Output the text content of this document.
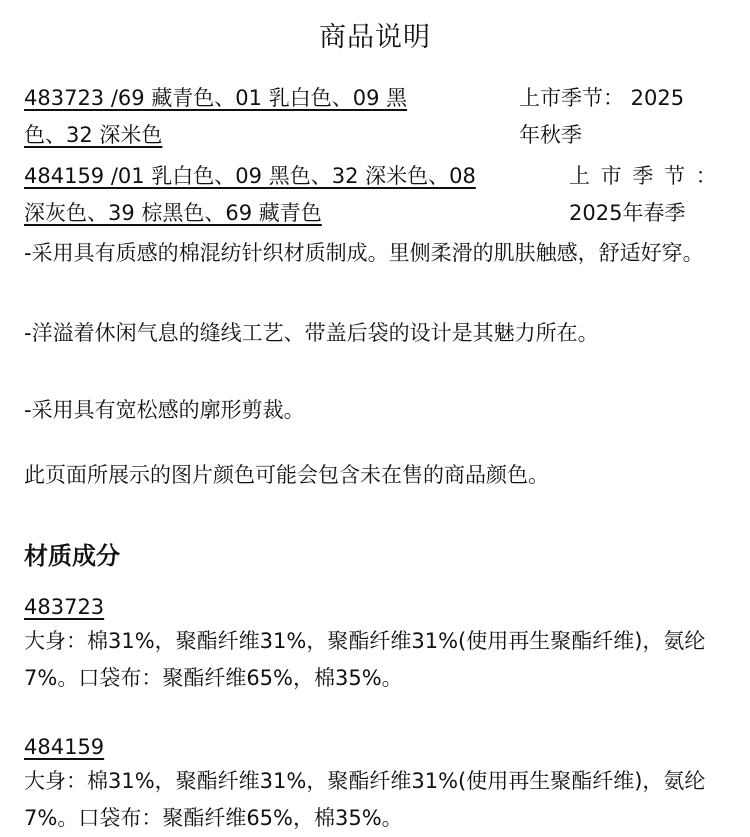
商品说明
483723 /69 藏青色、01 乳白色、09 黑
色、32 深米色
上市季节： 2025
年秋季
484159 /01 乳白色、09 黑色、32 深米色、08
深灰色、39 棕黑色、69 藏青色
上 市 季 节 ：
2025年春季
-采用具有质感的棉混纺针织材质制成。里侧柔滑的肌肤触感，舒适好穿。
-洋溢着休闲气息的缝线工艺、带盖后袋的设计是其魅力所在。
-采用具有宽松感的廓形剪裁。
此页面所展示的图片颜色可能会包含未在售的商品颜色。
材质成分
483723
大身：棉31%，聚酯纤维31%，聚酯纤维31%(使用再生聚酯纤维)，氨纶7%。口袋布：聚酯纤维65%，棉35%。
484159
大身：棉31%，聚酯纤维31%，聚酯纤维31%(使用再生聚酯纤维)，氨纶7%。口袋布：聚酯纤维65%，棉35%。
